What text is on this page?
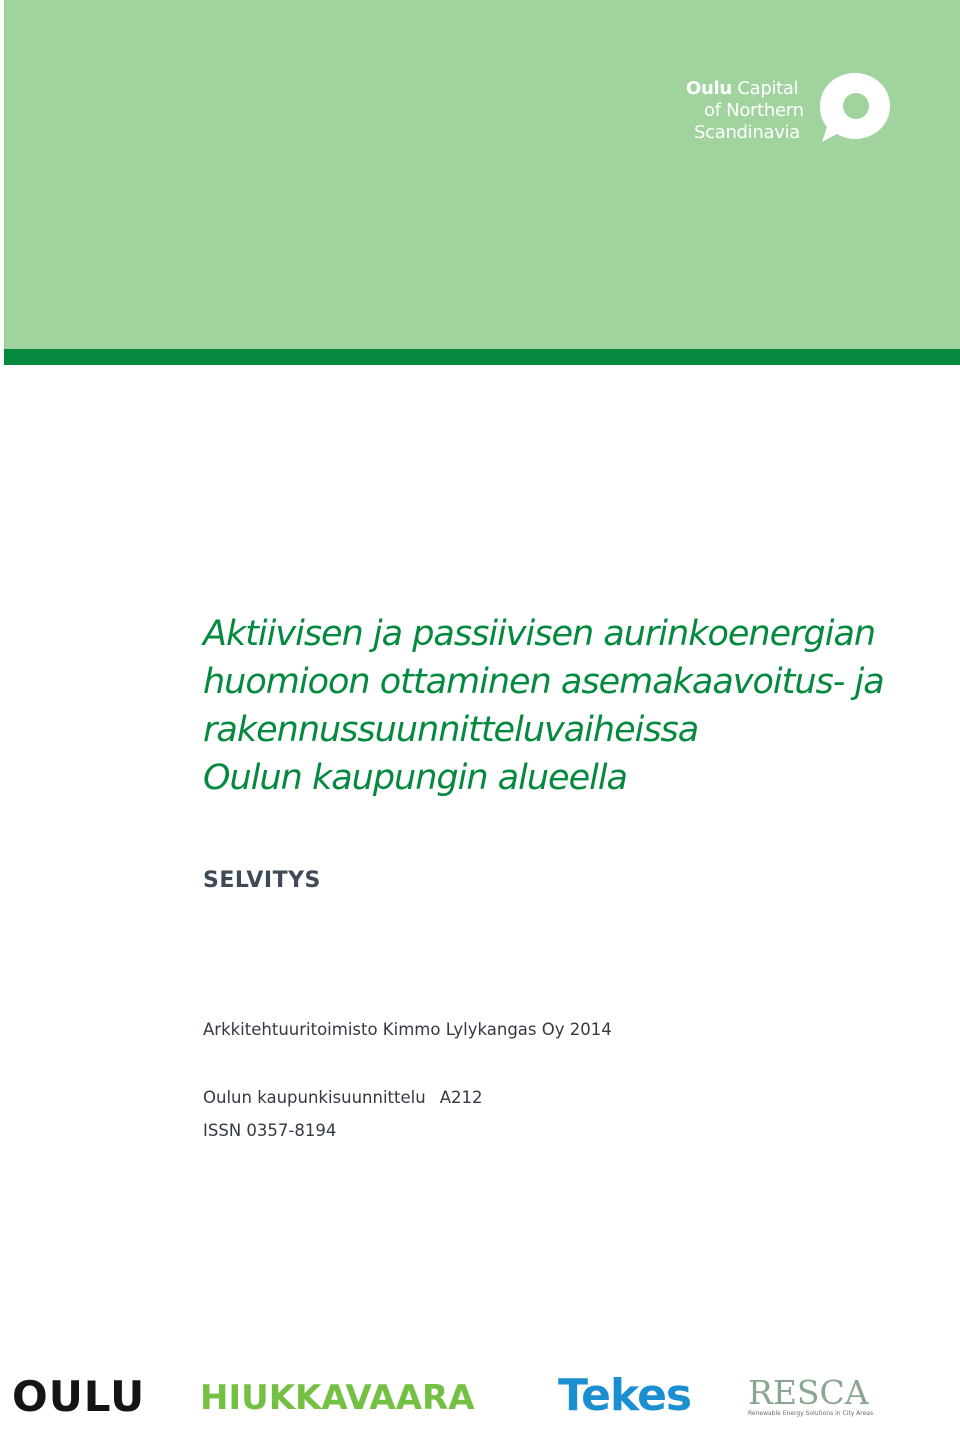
Oulu Capital
of Northern
Scandinavia
Aktiivisen ja passiivisen aurinkoenergian
huomioon ottaminen asemakaavoitus- ja
rakennussuunnitteluvaiheissa
Oulun kaupungin alueella
SELVITYS
Arkkitehtuuritoimisto Kimmo Lylykangas Oy 2014
Oulun kaupunkisuunnittelu A212
ISSN 0357-8194
OULU HIUKKAVAARA Tekes RESCA
Renewable Energy Solutions in City Areas
